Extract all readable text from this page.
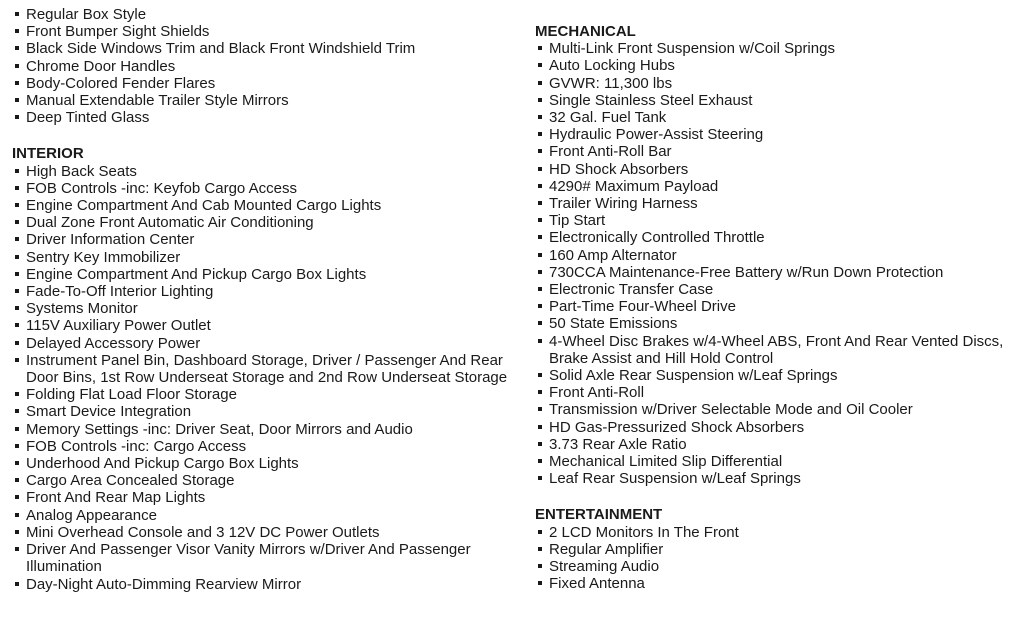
Regular Box Style
Front Bumper Sight Shields
Black Side Windows Trim and Black Front Windshield Trim
Chrome Door Handles
Body-Colored Fender Flares
Manual Extendable Trailer Style Mirrors
Deep Tinted Glass
INTERIOR
High Back Seats
FOB Controls -inc: Keyfob Cargo Access
Engine Compartment And Cab Mounted Cargo Lights
Dual Zone Front Automatic Air Conditioning
Driver Information Center
Sentry Key Immobilizer
Engine Compartment And Pickup Cargo Box Lights
Fade-To-Off Interior Lighting
Systems Monitor
115V Auxiliary Power Outlet
Delayed Accessory Power
Instrument Panel Bin, Dashboard Storage, Driver / Passenger And Rear Door Bins, 1st Row Underseat Storage and 2nd Row Underseat Storage
Folding Flat Load Floor Storage
Smart Device Integration
Memory Settings -inc: Driver Seat, Door Mirrors and Audio
FOB Controls -inc: Cargo Access
Underhood And Pickup Cargo Box Lights
Cargo Area Concealed Storage
Front And Rear Map Lights
Analog Appearance
Mini Overhead Console and 3 12V DC Power Outlets
Driver And Passenger Visor Vanity Mirrors w/Driver And Passenger Illumination
Day-Night Auto-Dimming Rearview Mirror
MECHANICAL
Multi-Link Front Suspension w/Coil Springs
Auto Locking Hubs
GVWR: 11,300 lbs
Single Stainless Steel Exhaust
32 Gal. Fuel Tank
Hydraulic Power-Assist Steering
Front Anti-Roll Bar
HD Shock Absorbers
4290# Maximum Payload
Trailer Wiring Harness
Tip Start
Electronically Controlled Throttle
160 Amp Alternator
730CCA Maintenance-Free Battery w/Run Down Protection
Electronic Transfer Case
Part-Time Four-Wheel Drive
50 State Emissions
4-Wheel Disc Brakes w/4-Wheel ABS, Front And Rear Vented Discs, Brake Assist and Hill Hold Control
Solid Axle Rear Suspension w/Leaf Springs
Front Anti-Roll
Transmission w/Driver Selectable Mode and Oil Cooler
HD Gas-Pressurized Shock Absorbers
3.73 Rear Axle Ratio
Mechanical Limited Slip Differential
Leaf Rear Suspension w/Leaf Springs
ENTERTAINMENT
2 LCD Monitors In The Front
Regular Amplifier
Streaming Audio
Fixed Antenna
